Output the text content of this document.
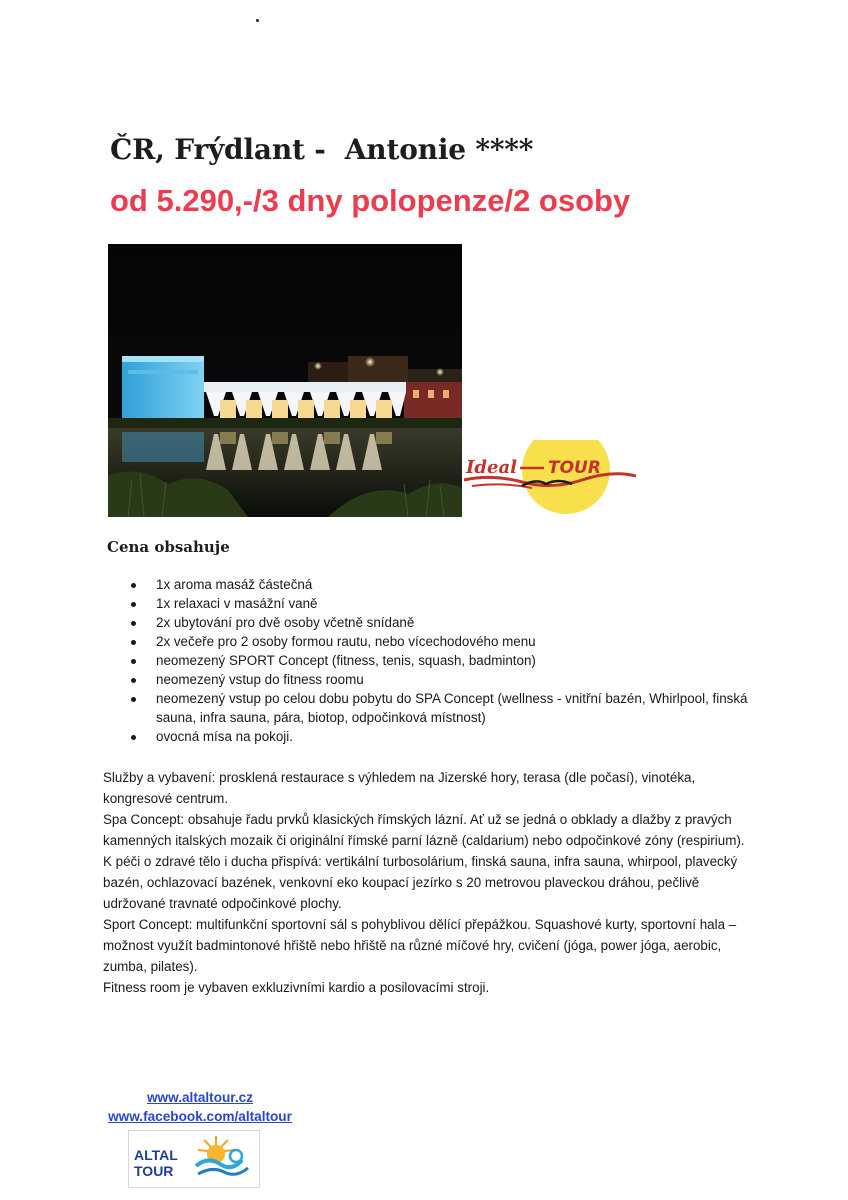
ČR, Frýdlant -  Antonie ****
od 5.290,-/3 dny polopenze/2 osoby
Ideal TOUR
Cena obsahuje
1x aroma masáž částečná
1x relaxaci v masážní vaně
2x ubytování pro dvě osoby včetně snídaně
2x večeře pro 2 osoby formou rautu, nebo vícechodového menu
neomezený SPORT Concept (fitness, tenis, squash, badminton)
neomezený vstup do fitness roomu
neomezený vstup po celou dobu pobytu do SPA Concept (wellness - vnitřní bazén, Whirlpool, finská sauna, infra sauna, pára, biotop, odpočinková místnost)
ovocná mísa na pokoji.

Služby a vybavení: prosklená restaurace s výhledem na Jizerské hory, terasa (dle počasí), vinotéka, kongresové centrum.

Spa Concept: obsahuje řadu prvků klasických římských lázní. Ať už se jedná o obklady a dlažby z pravých kamenných italských mozaik či originální římské parní lázně (caldarium) nebo odpočinkové zóny (respirium).

K péči o zdravé tělo i ducha přispívá: vertikální turbosolárium, finská sauna, infra sauna, whirpool, plavecký bazén, ochlazovací bazének, venkovní eko koupací jezírko s 20 metrovou plaveckou dráhou, pečlivě udržované travnaté odpočinkové plochy.

Sport Concept: multifunkční sportovní sál s pohyblivou dělící přepážkou. Squashové kurty, sportovní hala – možnost využít badmintonové hřiště nebo hřiště na různé míčové hry, cvičení (jóga, power jóga, aerobic, zumba, pilates).

Fitness room je vybaven exkluzivními kardio a posilovacími stroji.

www.altaltour.cz
www.facebook.com/altaltour
ALTAL
TOUR
